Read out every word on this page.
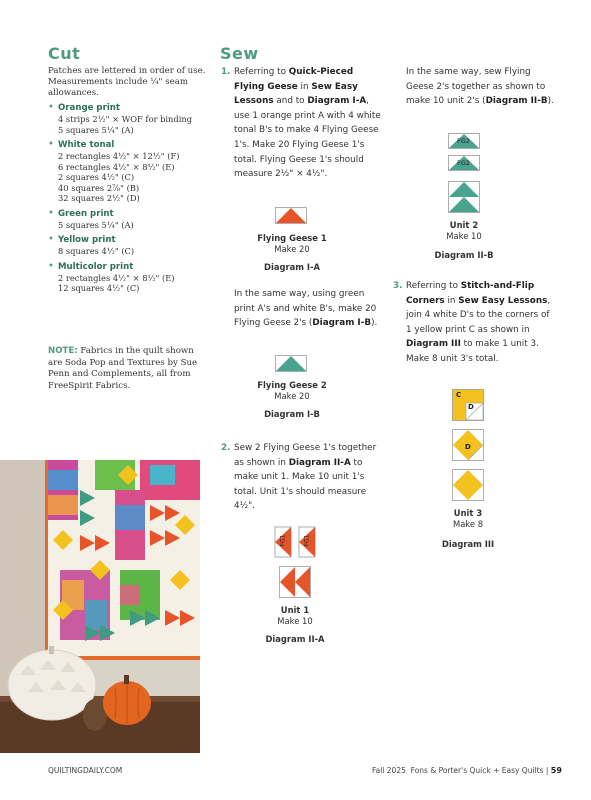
Cut

Patches are lettered in order of use. Measurements include ¼" seam allowances.

• Orange print
4 strips 2½" × WOF for binding
5 squares 5¼" (A)
• White tonal
2 rectangles 4½" × 12½" (F)
6 rectangles 4½" × 8½" (E)
2 squares 4½" (C)
40 squares 2⅞" (B)
32 squares 2½" (D)
• Green print
5 squares 5¼" (A)
• Yellow print
8 squares 4½" (C)
• Multicolor print
2 rectangles 4½" × 8½" (E)
12 squares 4½" (C)
NOTE: Fabrics in the quilt shown are Soda Pop and Textures by Sue Penn and Complements, all from FreeSpirit Fabrics.
Sew
1. Referring to Quick-Pieced Flying Geese in Sew Easy Lessons and to Diagram I-A, use 1 orange print A with 4 white tonal B's to make 4 Flying Geese 1's. Make 20 Flying Geese 1's total. Flying Geese 1's should measure 2½" × 4½".
Flying Geese 1
Make 20
Diagram I-A
In the same way, using green print A's and white B's, make 20 Flying Geese 2's (Diagram I-B).
Flying Geese 2
Make 20
Diagram I-B
2. Sew 2 Flying Geese 1's together as shown in Diagram II-A to make unit 1. Make 10 unit 1's total. Unit 1's should measure 4½".
FG1	FG1
Unit 1
Make 10
Diagram II-A
In the same way, sew Flying Geese 2's together as shown to make 10 unit 2's (Diagram II-B).
FG2
FG2
Unit 2
Make 10
Diagram II-B
3. Referring to Stitch-and-Flip Corners in Sew Easy Lessons, join 4 white D's to the corners of 1 yellow print C as shown in Diagram III to make 1 unit 3. Make 8 unit 3's total.
C
D
D
Unit 3
Make 8
Diagram III
QUILTINGDAILY.COM	Fall 2025 Fons & Porter's Quick + Easy Quilts | 59
